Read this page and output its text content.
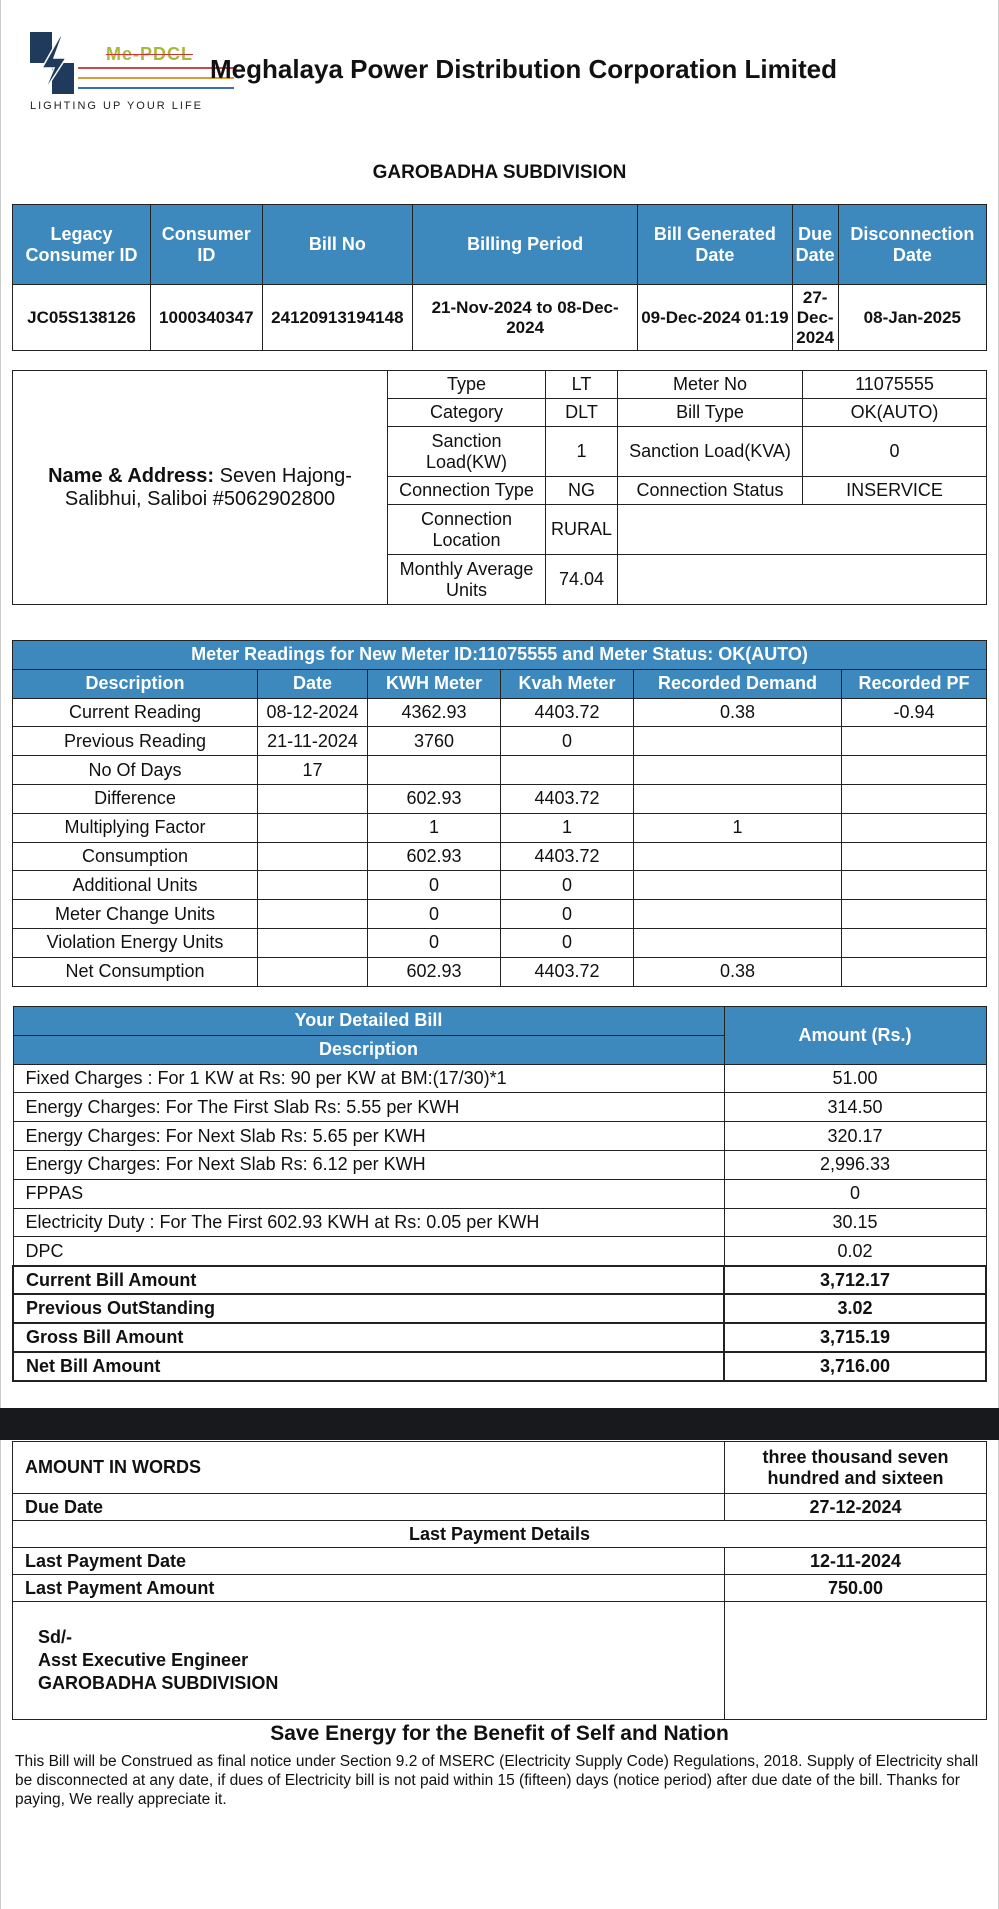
Me-PDCL
LIGHTING UP YOUR LIFE
Meghalaya Power Distribution Corporation Limited
GAROBADHA SUBDIVISION
Legacy Consumer ID	Consumer ID	Bill No	Billing Period	Bill Generated Date	Due Date	Disconnection Date
JC05S138126	1000340347	24120913194148	21-Nov-2024 to 08-Dec-2024	09-Dec-2024 01:19	27-Dec-2024	08-Jan-2025
Name & Address: Seven Hajong-Salibhui, Saliboi #5062902800	Type	LT	Meter No	11075555
	Category	DLT	Bill Type	OK(AUTO)
	Sanction Load(KW)	1	Sanction Load(KVA)	0
	Connection Type	NG	Connection Status	INSERVICE
	Connection Location	RURAL		
	Monthly Average Units	74.04		
Meter Readings for New Meter ID:11075555 and Meter Status: OK(AUTO)					
Description	Date	KWH Meter	Kvah Meter	Recorded Demand	Recorded PF
Current Reading	08-12-2024	4362.93	4403.72	0.38	-0.94
Previous Reading	21-11-2024	3760	0		
No Of Days	17				
Difference		602.93	4403.72		
Multiplying Factor		1	1	1	
Consumption		602.93	4403.72		
Additional Units		0	0		
Meter Change Units		0	0		
Violation Energy Units		0	0		
Net Consumption		602.93	4403.72	0.38	
Your Detailed Bill	Amount (Rs.)
Description	
Fixed Charges : For 1 KW at Rs: 90 per KW at BM:(17/30)*1	51.00
Energy Charges: For The First Slab Rs: 5.55 per KWH	314.50
Energy Charges: For Next Slab Rs: 5.65 per KWH	320.17
Energy Charges: For Next Slab Rs: 6.12 per KWH	2,996.33
FPPAS	0
Electricity Duty : For The First 602.93 KWH at Rs: 0.05 per KWH	30.15
DPC	0.02
Current Bill Amount	3,712.17
Previous OutStanding	3.02
Gross Bill Amount	3,715.19
Net Bill Amount	3,716.00
AMOUNT IN WORDS	three thousand seven hundred and sixteen
Due Date	27-12-2024
Last Payment Details	
Last Payment Date	12-11-2024
Last Payment Amount	750.00

Sd/-
Asst Executive Engineer
GAROBADHA SUBDIVISION	

Save Energy for the Benefit of Self and Nation
This Bill will be Construed as final notice under Section 9.2 of MSERC (Electricity Supply Code) Regulations, 2018. Supply of Electricity shall be disconnected at any date, if dues of Electricity bill is not paid within 15 (fifteen) days (notice period) after due date of the bill. Thanks for paying, We really appreciate it.
